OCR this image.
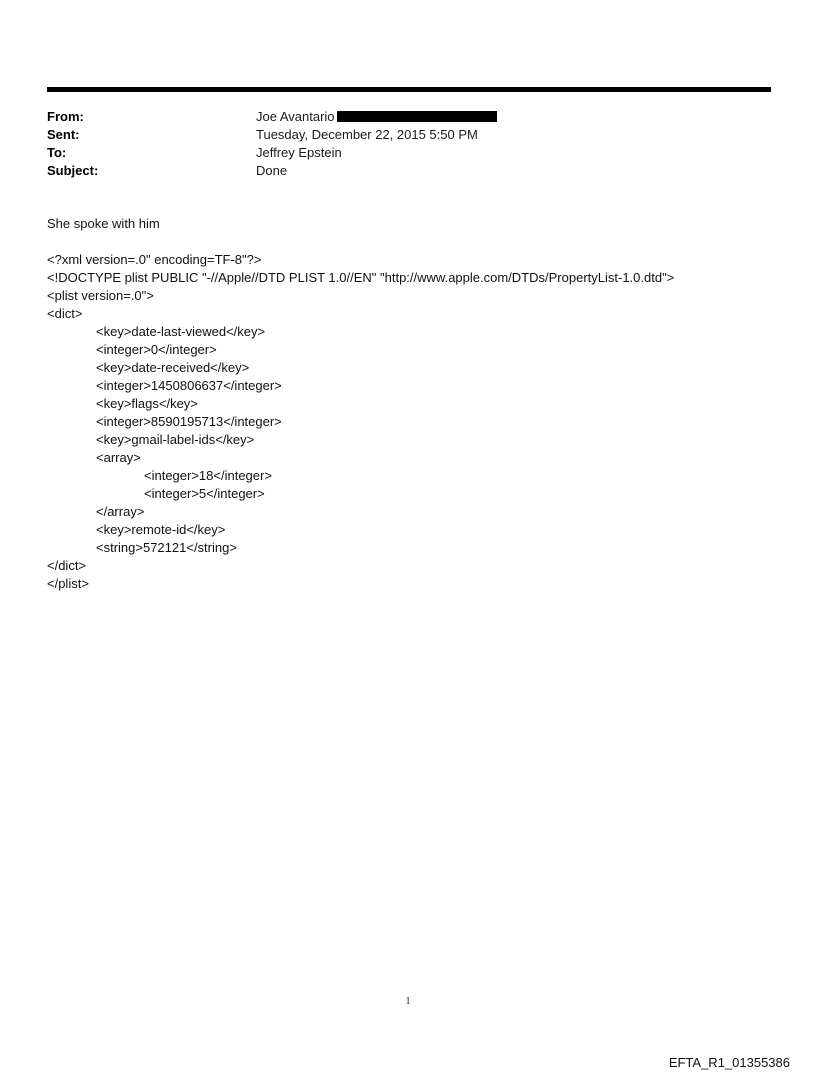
From:	Joe Avantario
Sent:	Tuesday, December 22, 2015 5:50 PM
To:	Jeffrey Epstein
Subject:	Done
She spoke with him
<?xml version=.0" encoding=TF-8"?>
<!DOCTYPE plist PUBLIC "-//Apple//DTD PLIST 1.0//EN" "http://www.apple.com/DTDs/PropertyList-1.0.dtd">
<plist version=.0">
<dict>
<key>date-last-viewed</key>
<integer>0</integer>
<key>date-received</key>
<integer>1450806637</integer>
<key>flags</key>
<integer>8590195713</integer>
<key>gmail-label-ids</key>
<array>
<integer>18</integer>
<integer>5</integer>
</array>
<key>remote-id</key>
<string>572121</string>
</dict>
</plist>
1
EFTA_R1_01355386
